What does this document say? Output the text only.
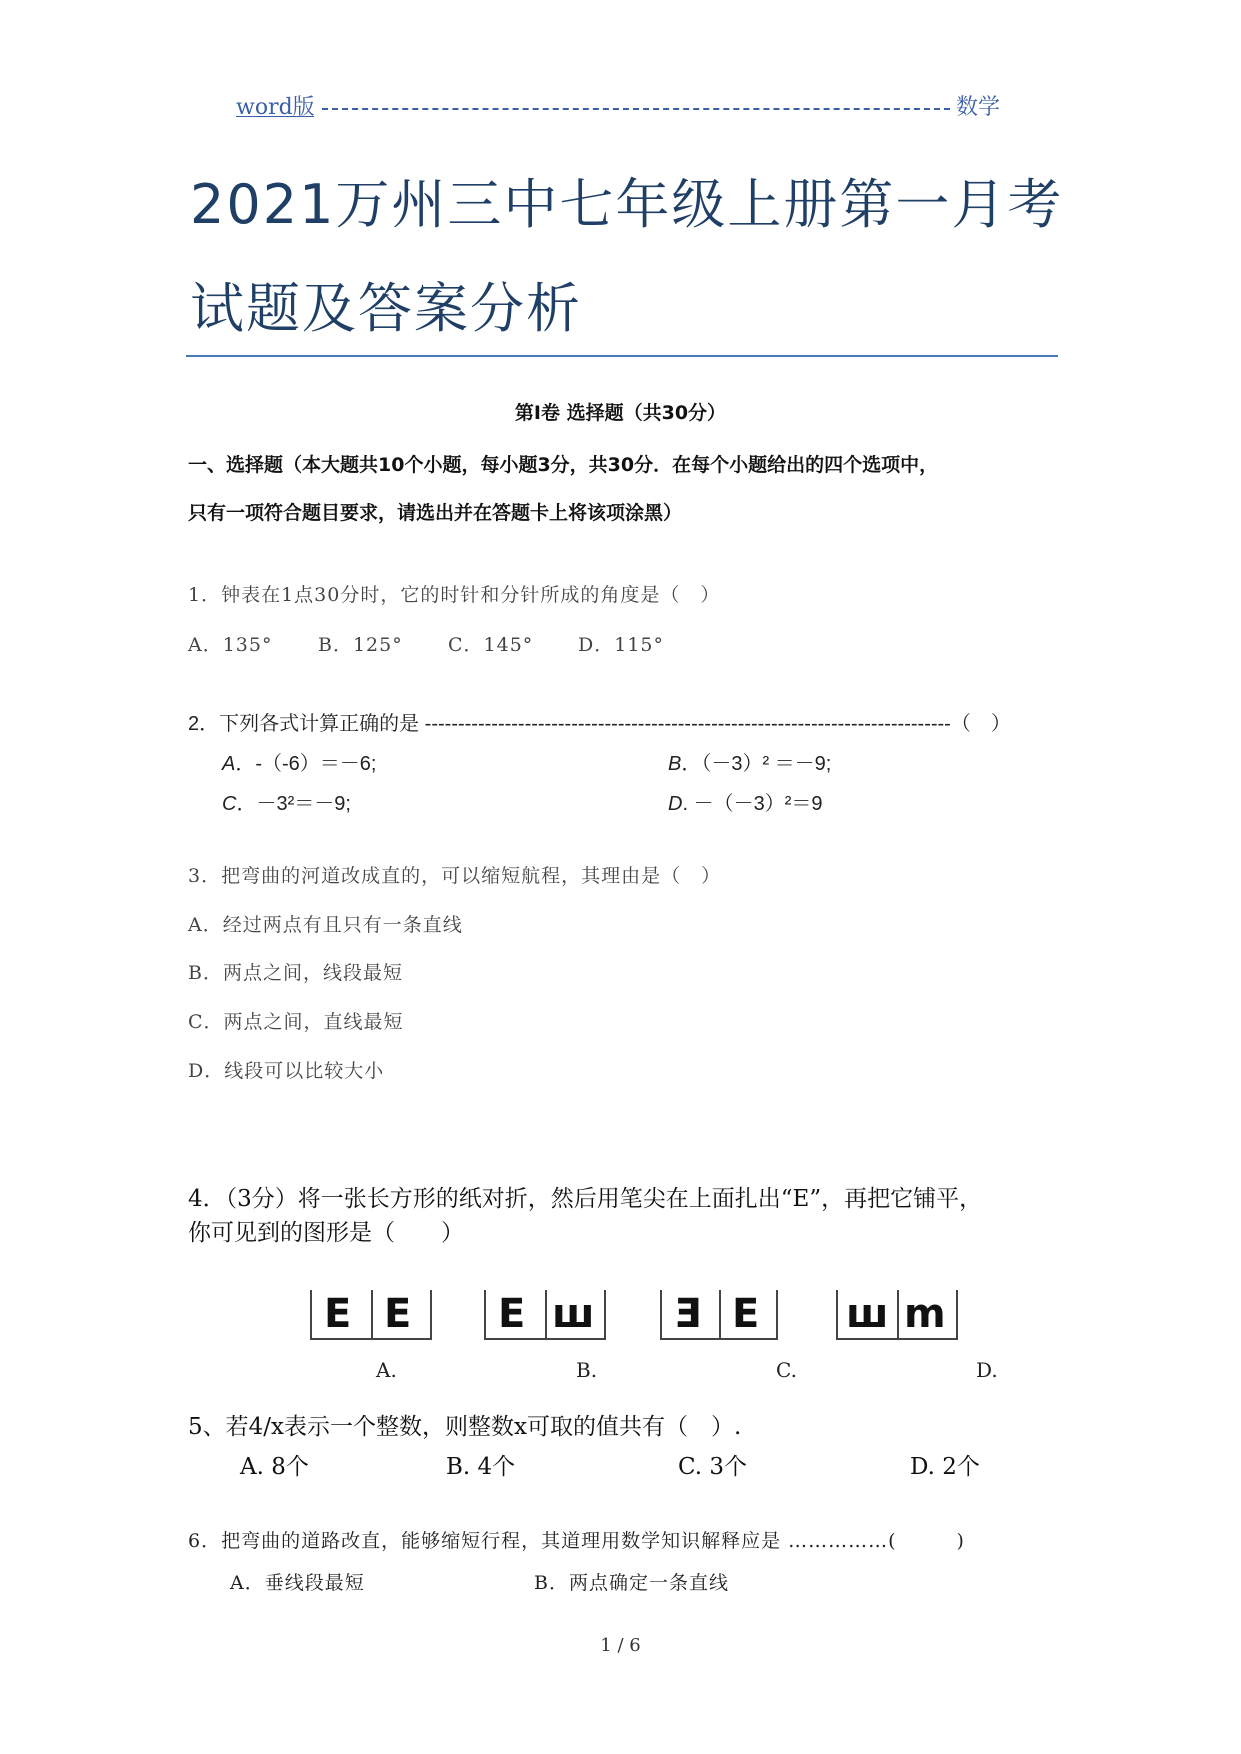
word版	数学
2021万州三中七年级上册第一月考
试题及答案分析
第Ⅰ卷 选择题（共30分）
一、选择题（本大题共10个小题，每小题3分，共30分．在每个小题给出的四个选项中，
只有一项符合题目要求，请选出并在答题卡上将该项涂黑）
1．钟表在1点30分时，它的时针和分针所成的角度是（　）
A．135° B．125° C．145° D．115°
2．下列各式计算正确的是 -------------------------------------------------------------------------------（　）
A．-（-6）＝－6;	B．（－3）² ＝－9;
C．－3²＝－9;	D. －（－3）²＝9
3．把弯曲的河道改成直的，可以缩短航程，其理由是（　）
A．经过两点有且只有一条直线
B．两点之间，线段最短
C．两点之间，直线最短
D．线段可以比较大小
4．（3分）将一张长方形的纸对折，然后用笔尖在上面扎出“E”，再把它铺平，
你可见到的图形是（　　）
E E E ш Ǝ E ш m
A.	B.	C.	D.
5、若4/x表示一个整数，则整数x可取的值共有（　）.
A. 8个	B. 4个	C. 3个	D. 2个
6．把弯曲的道路改直，能够缩短行程，其道理用数学知识解释应是 ……………(　　　)
A．垂线段最短	B．两点确定一条直线
1 / 6
